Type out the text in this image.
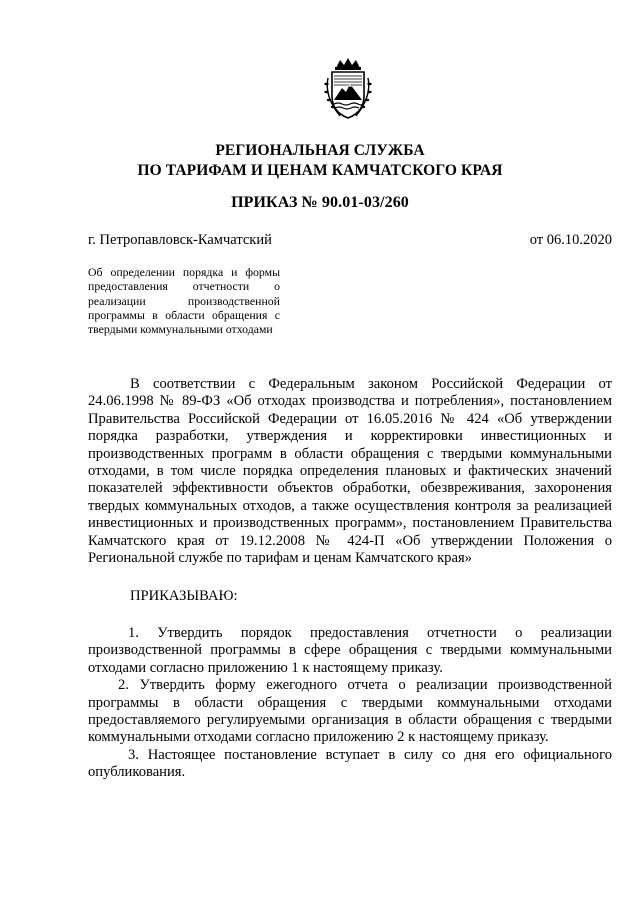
РЕГИОНАЛЬНАЯ СЛУЖБА
ПО ТАРИФАМ И ЦЕНАМ КАМЧАТСКОГО КРАЯ
ПРИКАЗ № 90.01-03/260
г. Петропавловск-Камчатский	от 06.10.2020
Об определении порядка и формы предоставления отчетности о реализации производственной программы в области обращения с твердыми коммунальными отходами

В соответствии с Федеральным законом Российской Федерации от 24.06.1998 № 89-ФЗ «Об отходах производства и потребления», постановлением Правительства Российской Федерации от 16.05.2016 № 424 «Об утверждении порядка разработки, утверждения и корректировки инвестиционных и производственных программ в области обращения с твердыми коммунальными отходами, в том числе порядка определения плановых и фактических значений показателей эффективности объектов обработки, обезвреживания, захоронения твердых коммунальных отходов, а также осуществления контроля за реализацией инвестиционных и производственных программ», постановлением Правительства Камчатского края от 19.12.2008 № 424-П «Об утверждении Положения о Региональной службе по тарифам и ценам Камчатского края»

ПРИКАЗЫВАЮ:

1. Утвердить порядок предоставления отчетности о реализации производственной программы в сфере обращения с твердыми коммунальными отходами согласно приложению 1 к настоящему приказу.

2. Утвердить форму ежегодного отчета о реализации производственной программы в области обращения с твердыми коммунальными отходами предоставляемого регулируемыми организация в области обращения с твердыми коммунальными отходами согласно приложению 2 к настоящему приказу.

3. Настоящее постановление вступает в силу со дня его официального опубликования.
